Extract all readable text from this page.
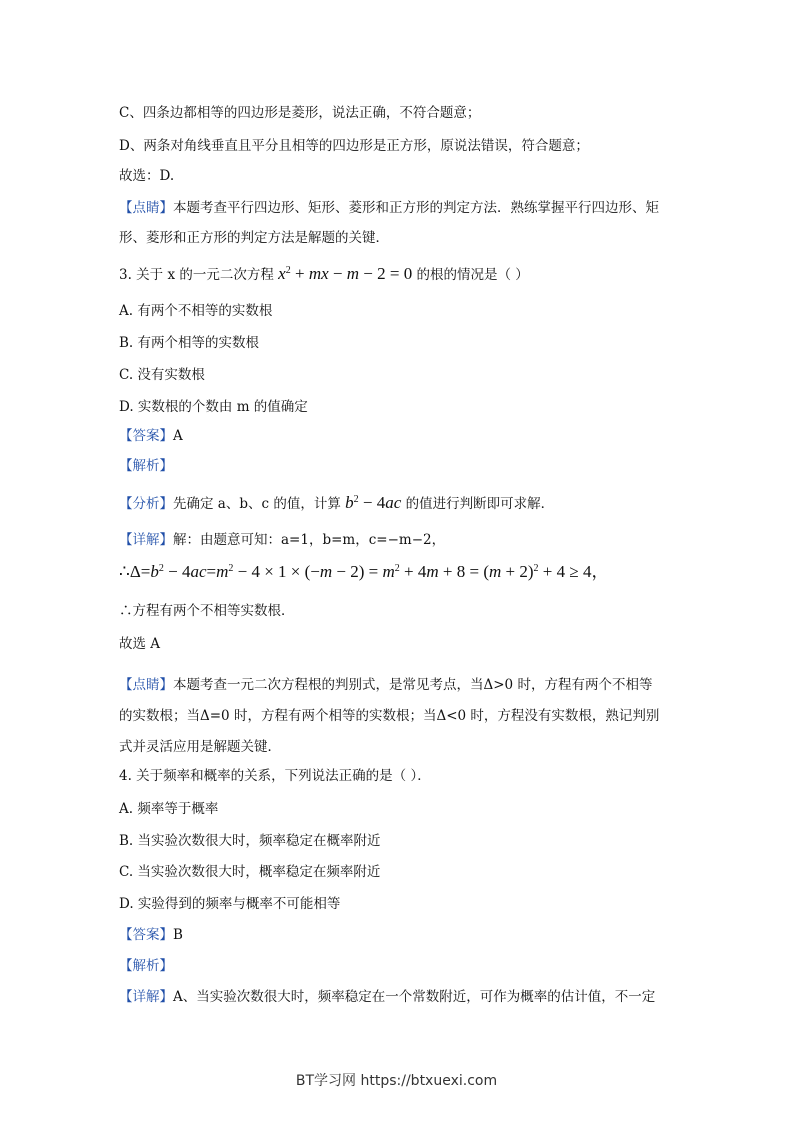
C、四条边都相等的四边形是菱形，说法正确，不符合题意；
D、两条对角线垂直且平分且相等的四边形是正方形，原说法错误，符合题意；
故选：D.
【点睛】本题考查平行四边形、矩形、菱形和正方形的判定方法．熟练掌握平行四边形、矩
形、菱形和正方形的判定方法是解题的关键．
3. 关于 x 的一元二次方程 $x^2$ + mx − m − 2 = 0 的根的情况是（ ）
A. 有两个不相等的实数根
B. 有两个相等的实数根
C. 没有实数根
D. 实数根的个数由 m 的值确定
【答案】A
【解析】
【分析】先确定 a、b、c 的值，计算 $b^2 - 4ac$ 的值进行判断即可求解．
【详解】解：由题意可知：a=1，b=m，c=−m−2，
$\therefore\Delta=b^2 - 4ac=m^2 - 4 \times 1 \times (-m - 2) = m^2 + 4m + 8 = (m + 2)^2 + 4 \ge 4$，
∴方程有两个不相等实数根．
故选 A
【点睛】本题考查一元二次方程根的判别式，是常见考点，当Δ>0 时，方程有两个不相等
的实数根；当Δ=0 时，方程有两个相等的实数根；当Δ<0 时，方程没有实数根，熟记判别
式并灵活应用是解题关键．
4. 关于频率和概率的关系，下列说法正确的是（ ）．
A. 频率等于概率
B. 当实验次数很大时，频率稳定在概率附近
C. 当实验次数很大时，概率稳定在频率附近
D. 实验得到的频率与概率不可能相等
【答案】B
【解析】
【详解】A、当实验次数很大时，频率稳定在一个常数附近，可作为概率的估计值，不一定
BT学习网 https://btxuexi.com
